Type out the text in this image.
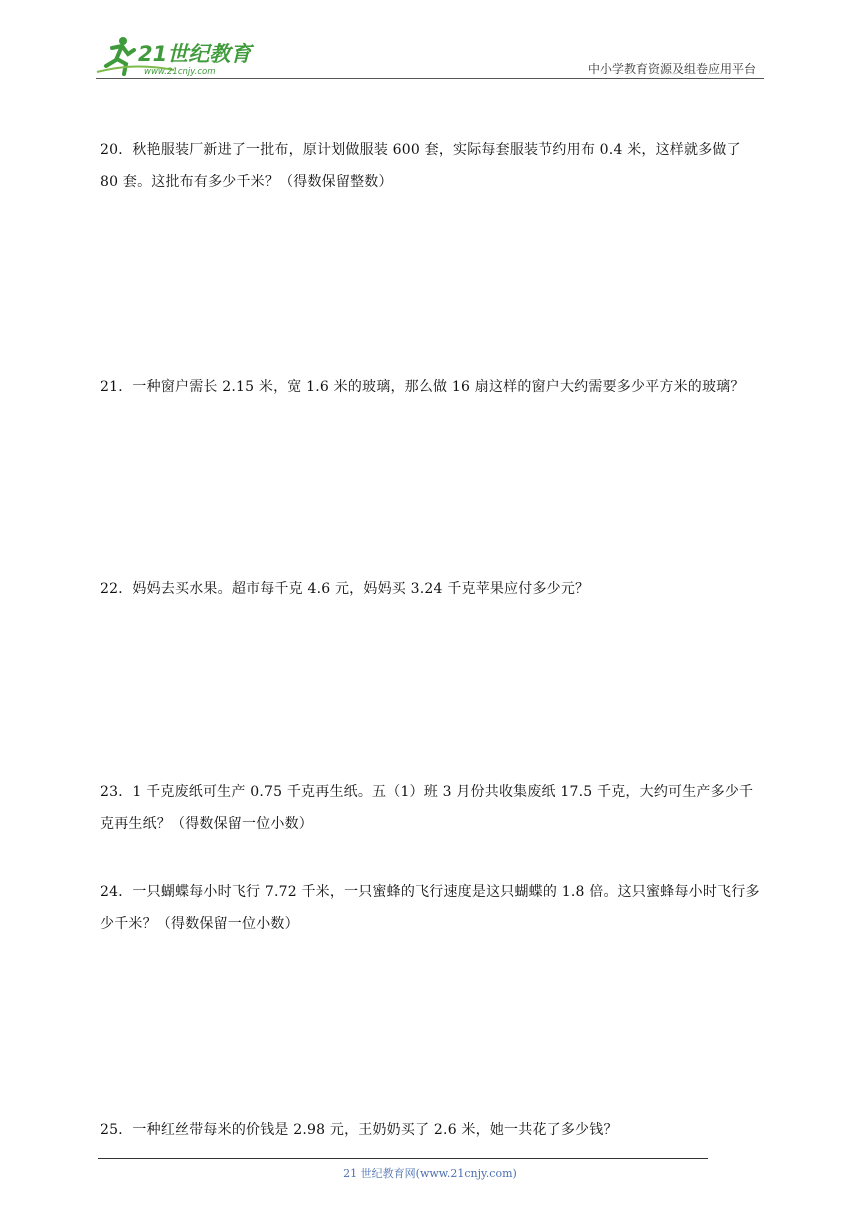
21世纪教育
www.21cnjy.com	中小学教育资源及组卷应用平台
20．秋艳服装厂新进了一批布，原计划做服装 600 套，实际每套服装节约用布 0.4 米，这样就多做了 80 套。这批布有多少千米？（得数保留整数）
21．一种窗户需长 2.15 米，宽 1.6 米的玻璃，那么做 16 扇这样的窗户大约需要多少平方米的玻璃？
22．妈妈去买水果。超市每千克 4.6 元，妈妈买 3.24 千克苹果应付多少元？
23．1 千克废纸可生产 0.75 千克再生纸。五（1）班 3 月份共收集废纸 17.5 千克，大约可生产多少千克再生纸？（得数保留一位小数）
24．一只蝴蝶每小时飞行 7.72 千米，一只蜜蜂的飞行速度是这只蝴蝶的 1.8 倍。这只蜜蜂每小时飞行多少千米？（得数保留一位小数）
25．一种红丝带每米的价钱是 2.98 元，王奶奶买了 2.6 米，她一共花了多少钱？
21 世纪教育网(www.21cnjy.com)
